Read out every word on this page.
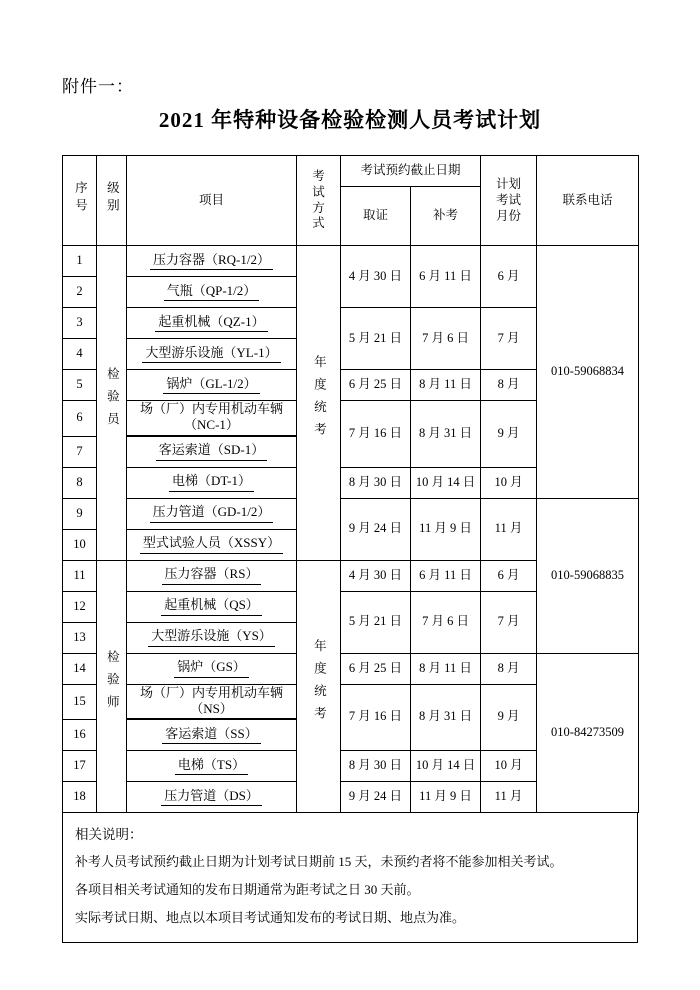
附件一：
2021 年特种设备检验检测人员考试计划
序号	级别	项目	考试方式	考试预约截止日期		计划考试月份	联系电话
				取证	补考		
1	检验员	压力容器（RQ-1/2）	年度统考	4 月 30 日	6 月 11 日	6 月	010-59068834
2		气瓶（QP-1/2）					
3		起重机械（QZ-1）		5 月 21 日	7 月 6 日	7 月	
4		大型游乐设施（YL-1）					
5		锅炉（GL-1/2）		6 月 25 日	8 月 11 日	8 月	
6		场（厂）内专用机动车辆（NC-1）		7 月 16 日	8 月 31 日	9 月	
7		客运索道（SD-1）					
8		电梯（DT-1）		8 月 30 日	10 月 14 日	10 月	
9		压力管道（GD-1/2）		9 月 24 日	11 月 9 日	11 月	010-59068835
10		型式试验人员（XSSY）					
11	检验师	压力容器（RS）	年度统考	4 月 30 日	6 月 11 日	6 月	
12		起重机械（QS）		5 月 21 日	7 月 6 日	7 月	
13		大型游乐设施（YS）					
14		锅炉（GS）		6 月 25 日	8 月 11 日	8 月	010-84273509
15		场（厂）内专用机动车辆（NS）		7 月 16 日	8 月 31 日	9 月	
16		客运索道（SS）					
17		电梯（TS）		8 月 30 日	10 月 14 日	10 月	
18		压力管道（DS）		9 月 24 日	11 月 9 日	11 月	
相关说明：
补考人员考试预约截止日期为计划考试日期前 15 天，未预约者将不能参加相关考试。
各项目相关考试通知的发布日期通常为距考试之日 30 天前。
实际考试日期、地点以本项目考试通知发布的考试日期、地点为准。
